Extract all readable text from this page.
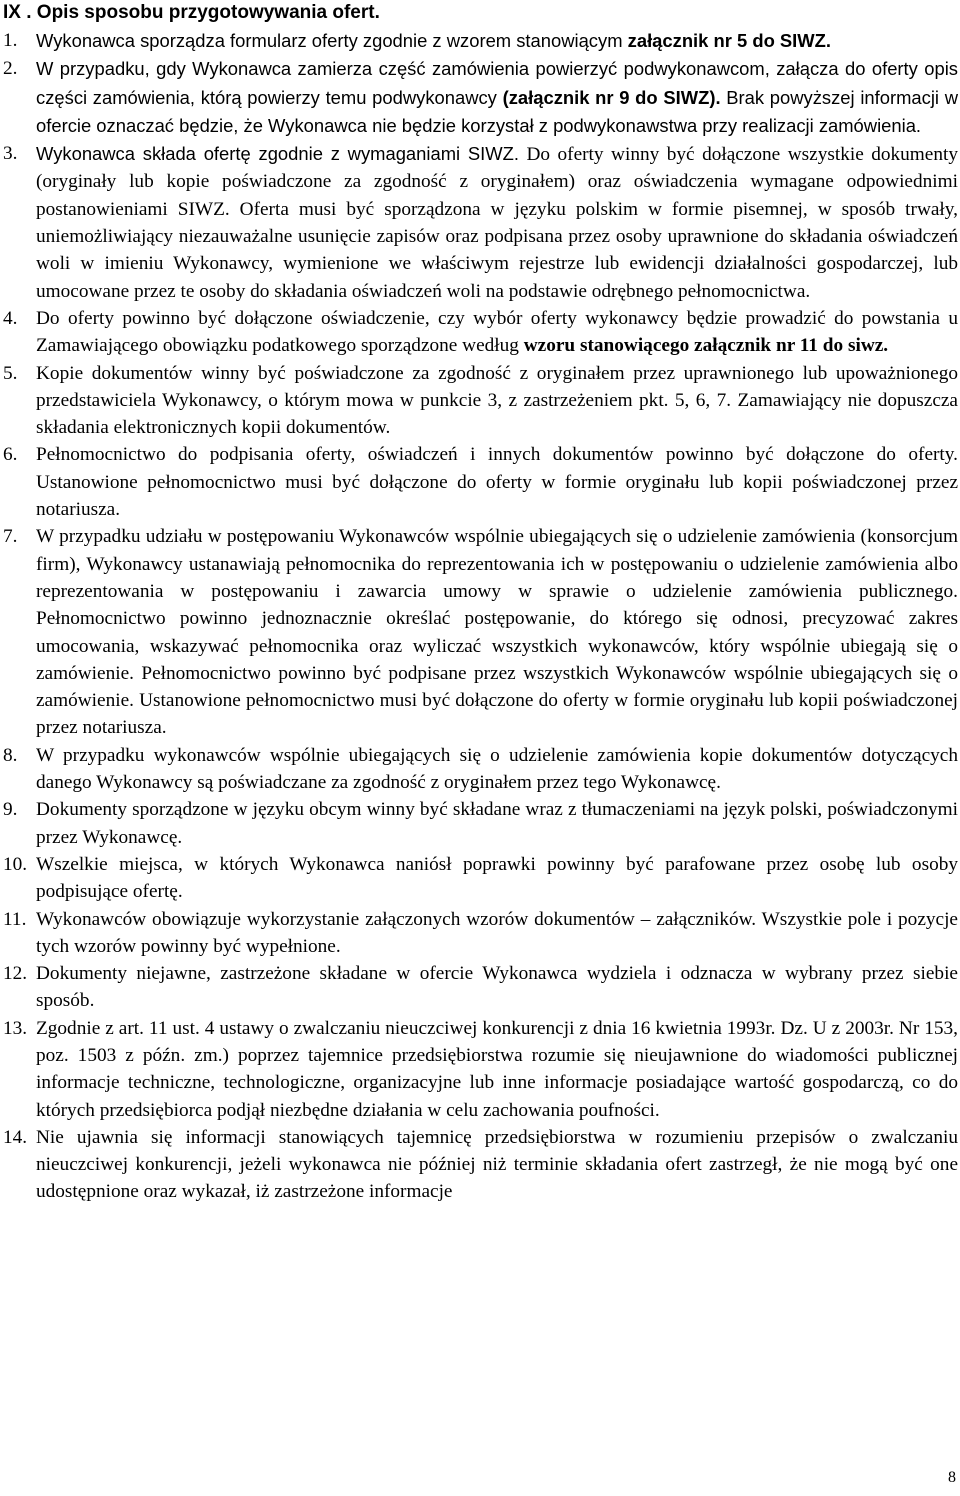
IX . Opis sposobu przygotowywania ofert.
1.	Wykonawca sporządza formularz oferty zgodnie z wzorem stanowiącym załącznik nr 5 do SIWZ.
2.	W przypadku, gdy Wykonawca zamierza część zamówienia powierzyć podwykonawcom, załącza do oferty opis części zamówienia, którą powierzy temu podwykonawcy (załącznik nr 9 do SIWZ). Brak powyższej informacji w ofercie oznaczać będzie, że Wykonawca nie będzie korzystał z podwykonawstwa przy realizacji zamówienia.
3.	Wykonawca składa ofertę zgodnie z wymaganiami SIWZ. Do oferty winny być dołączone wszystkie dokumenty (oryginały lub kopie poświadczone za zgodność z oryginałem) oraz oświadczenia wymagane odpowiednimi postanowieniami SIWZ. Oferta musi być sporządzona w języku polskim w formie pisemnej, w sposób trwały, uniemożliwiający niezauważalne usunięcie zapisów oraz podpisana przez osoby uprawnione do składania oświadczeń woli w imieniu Wykonawcy, wymienione we właściwym rejestrze lub ewidencji działalności gospodarczej, lub umocowane przez te osoby do składania oświadczeń woli na podstawie odrębnego pełnomocnictwa.
4. Do oferty powinno być dołączone oświadczenie, czy wybór oferty wykonawcy będzie prowadzić do powstania u Zamawiającego obowiązku podatkowego sporządzone według wzoru stanowiącego załącznik nr 11 do siwz.
5. Kopie dokumentów winny być poświadczone za zgodność z oryginałem przez uprawnionego lub upoważnionego przedstawiciela Wykonawcy, o którym mowa w punkcie 3, z zastrzeżeniem pkt. 5, 6, 7. Zamawiający nie dopuszcza składania elektronicznych kopii dokumentów.
6. Pełnomocnictwo do podpisania oferty, oświadczeń i innych dokumentów powinno być dołączone do oferty. Ustanowione pełnomocnictwo musi być dołączone do oferty w formie oryginału lub kopii poświadczonej przez notariusza.
7. W przypadku udziału w postępowaniu Wykonawców wspólnie ubiegających się o udzielenie zamówienia (konsorcjum firm), Wykonawcy ustanawiają pełnomocnika do reprezentowania ich w postępowaniu o udzielenie zamówienia albo reprezentowania w postępowaniu i zawarcia umowy w sprawie o udzielenie zamówienia publicznego. Pełnomocnictwo powinno jednoznacznie określać postępowanie, do którego się odnosi, precyzować zakres umocowania, wskazywać pełnomocnika oraz wyliczać wszystkich wykonawców, który wspólnie ubiegają się o zamówienie. Pełnomocnictwo powinno być podpisane przez wszystkich Wykonawców wspólnie ubiegających się o zamówienie. Ustanowione pełnomocnictwo musi być dołączone do oferty w formie oryginału lub kopii poświadczonej przez notariusza.
8. W przypadku wykonawców wspólnie ubiegających się o udzielenie zamówienia kopie dokumentów dotyczących danego Wykonawcy są poświadczane za zgodność z oryginałem przez tego Wykonawcę.
9. Dokumenty sporządzone w języku obcym winny być składane wraz z tłumaczeniami na język polski, poświadczonymi przez Wykonawcę.
10. Wszelkie miejsca, w których Wykonawca naniósł poprawki powinny być parafowane przez osobę lub osoby podpisujące ofertę.
11. Wykonawców obowiązuje wykorzystanie załączonych wzorów dokumentów – załączników. Wszystkie pole i pozycje tych wzorów powinny być wypełnione.
12. Dokumenty niejawne, zastrzeżone składane w ofercie Wykonawca wydziela i odznacza w wybrany przez siebie sposób.
13. Zgodnie z art. 11 ust. 4 ustawy o zwalczaniu nieuczciwej konkurencji z dnia 16 kwietnia 1993r. Dz. U z 2003r. Nr 153, poz. 1503 z późn. zm.) poprzez tajemnice przedsiębiorstwa rozumie się nieujawnione do wiadomości publicznej informacje techniczne, technologiczne, organizacyjne lub inne informacje posiadające wartość gospodarczą, co do których przedsiębiorca podjął niezbędne działania w celu zachowania poufności.
14. Nie ujawnia się informacji stanowiących tajemnicę przedsiębiorstwa w rozumieniu przepisów o zwalczaniu nieuczciwej konkurencji, jeżeli wykonawca nie później niż terminie składania ofert zastrzegł, że nie mogą być one udostępnione oraz wykazał, iż zastrzeżone informacje
8
